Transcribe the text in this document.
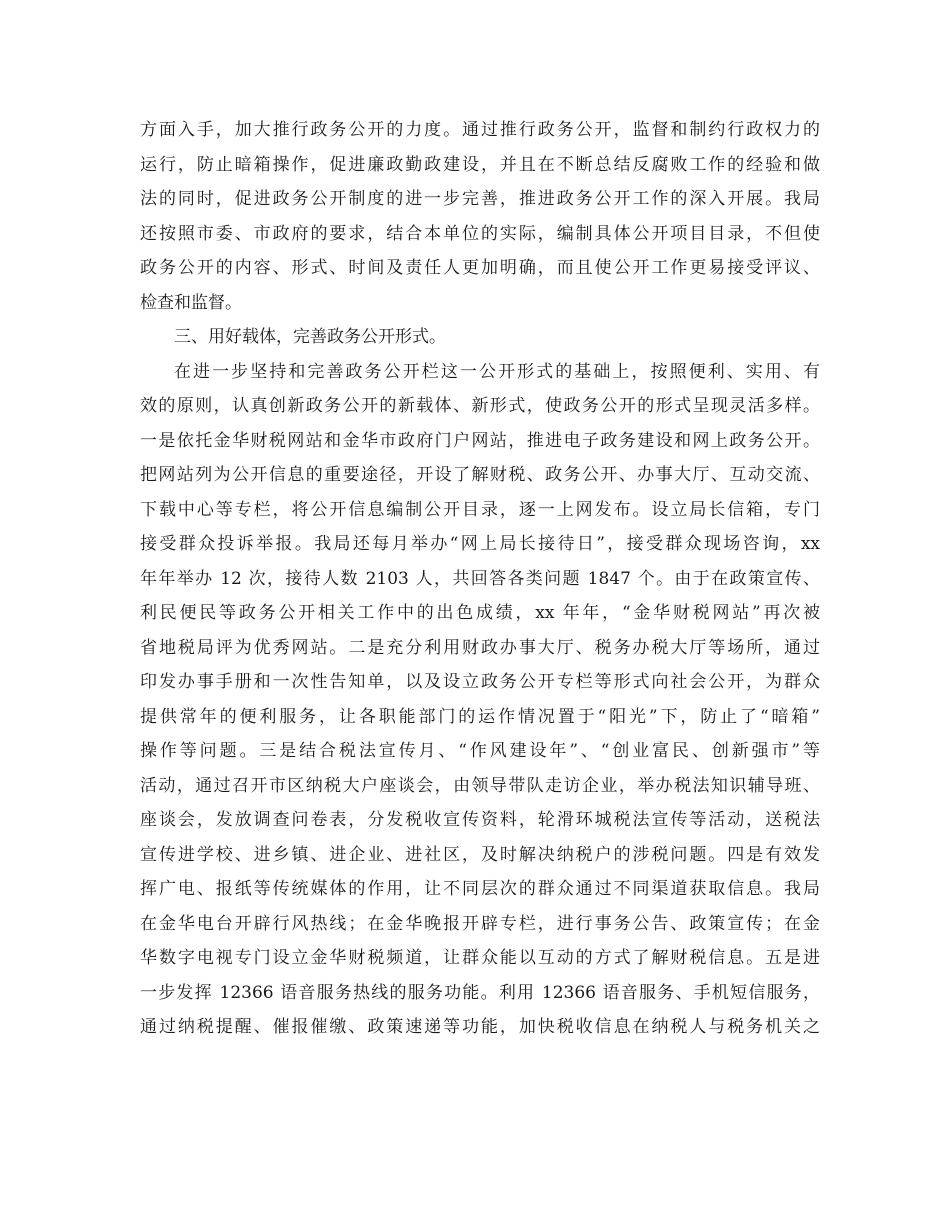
方面入手，加大推行政务公开的力度。通过推行政务公开，监督和制约行政权力的
运行，防止暗箱操作，促进廉政勤政建设，并且在不断总结反腐败工作的经验和做
法的同时，促进政务公开制度的进一步完善，推进政务公开工作的深入开展。我局
还按照市委、市政府的要求，结合本单位的实际，编制具体公开项目目录，不但使
政务公开的内容、形式、时间及责任人更加明确，而且使公开工作更易接受评议、
检查和监督。
三、用好载体，完善政务公开形式。
在进一步坚持和完善政务公开栏这一公开形式的基础上，按照便利、实用、有
效的原则，认真创新政务公开的新载体、新形式，使政务公开的形式呈现灵活多样。
一是依托金华财税网站和金华市政府门户网站，推进电子政务建设和网上政务公开。
把网站列为公开信息的重要途径，开设了解财税、政务公开、办事大厅、互动交流、
下载中心等专栏，将公开信息编制公开目录，逐一上网发布。设立局长信箱，专门
接受群众投诉举报。我局还每月举办“网上局长接待日”，接受群众现场咨询，xx
年年举办 12 次，接待人数 2103 人，共回答各类问题 1847 个。由于在政策宣传、
利民便民等政务公开相关工作中的出色成绩，xx 年年，“金华财税网站”再次被
省地税局评为优秀网站。二是充分利用财政办事大厅、税务办税大厅等场所，通过
印发办事手册和一次性告知单，以及设立政务公开专栏等形式向社会公开，为群众
提供常年的便利服务，让各职能部门的运作情况置于“阳光”下，防止了“暗箱”
操作等问题。三是结合税法宣传月、“作风建设年”、“创业富民、创新强市”等
活动，通过召开市区纳税大户座谈会，由领导带队走访企业，举办税法知识辅导班、
座谈会，发放调查问卷表，分发税收宣传资料，轮滑环城税法宣传等活动，送税法
宣传进学校、进乡镇、进企业、进社区，及时解决纳税户的涉税问题。四是有效发
挥广电、报纸等传统媒体的作用，让不同层次的群众通过不同渠道获取信息。我局
在金华电台开辟行风热线；在金华晚报开辟专栏，进行事务公告、政策宣传；在金
华数字电视专门设立金华财税频道，让群众能以互动的方式了解财税信息。五是进
一步发挥 12366 语音服务热线的服务功能。利用 12366 语音服务、手机短信服务，
通过纳税提醒、催报催缴、政策速递等功能，加快税收信息在纳税人与税务机关之
